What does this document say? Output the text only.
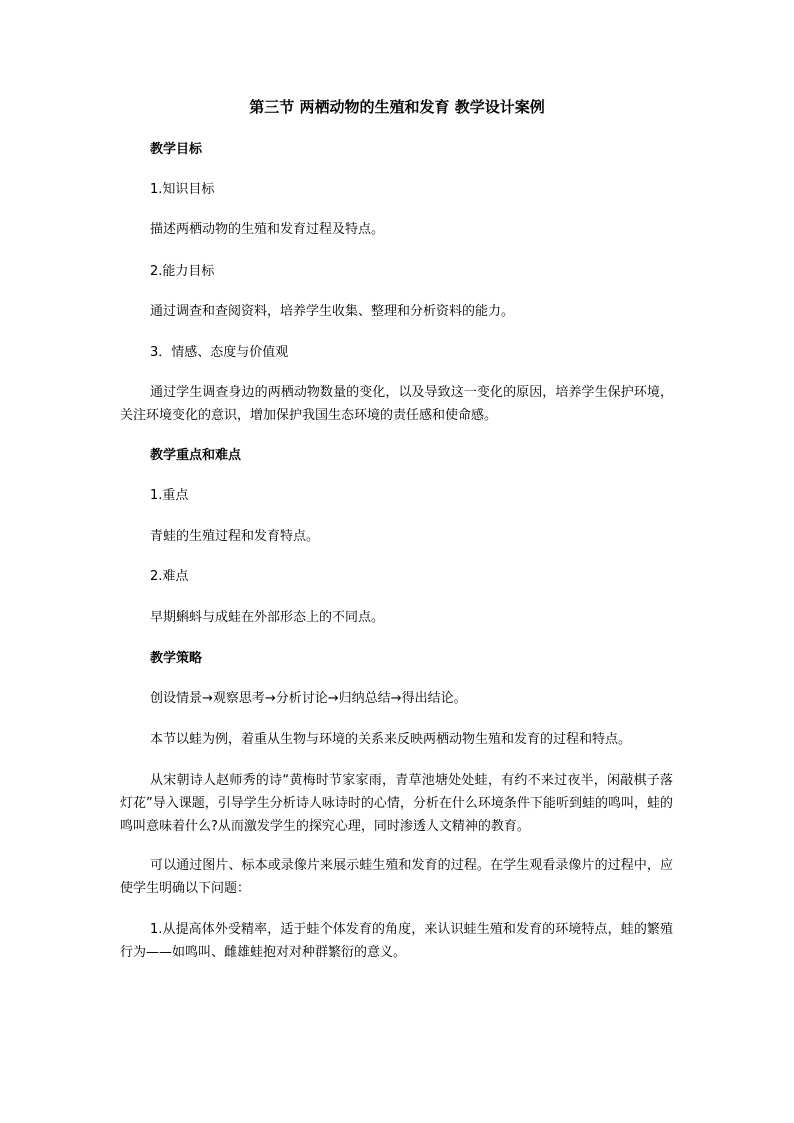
第三节 两栖动物的生殖和发育 教学设计案例
教学目标
1.知识目标
描述两栖动物的生殖和发育过程及特点。
2.能力目标
通过调查和查阅资料，培养学生收集、整理和分析资料的能力。
3．情感、态度与价值观
通过学生调查身边的两栖动物数量的变化，以及导致这一变化的原因，培养学生保护环境，关注环境变化的意识，增加保护我国生态环境的责任感和使命感。
教学重点和难点
1.重点
青蛙的生殖过程和发育特点。
2.难点
早期蝌蚪与成蛙在外部形态上的不同点。
教学策略
创设情景→观察思考→分析讨论→归纳总结→得出结论。
本节以蛙为例，着重从生物与环境的关系来反映两栖动物生殖和发育的过程和特点。
从宋朝诗人赵师秀的诗“黄梅时节家家雨，青草池塘处处蛙，有约不来过夜半，闲敲棋子落灯花”导入课题，引导学生分析诗人咏诗时的心情，分析在什么环境条件下能听到蛙的鸣叫，蛙的鸣叫意味着什么?从而激发学生的探究心理，同时渗透人文精神的教育。
可以通过图片、标本或录像片来展示蛙生殖和发育的过程。在学生观看录像片的过程中，应使学生明确以下问题：
1.从提高体外受精率，适于蛙个体发育的角度，来认识蛙生殖和发育的环境特点，蛙的繁殖行为——如鸣叫、雌雄蛙抱对对种群繁衍的意义。
